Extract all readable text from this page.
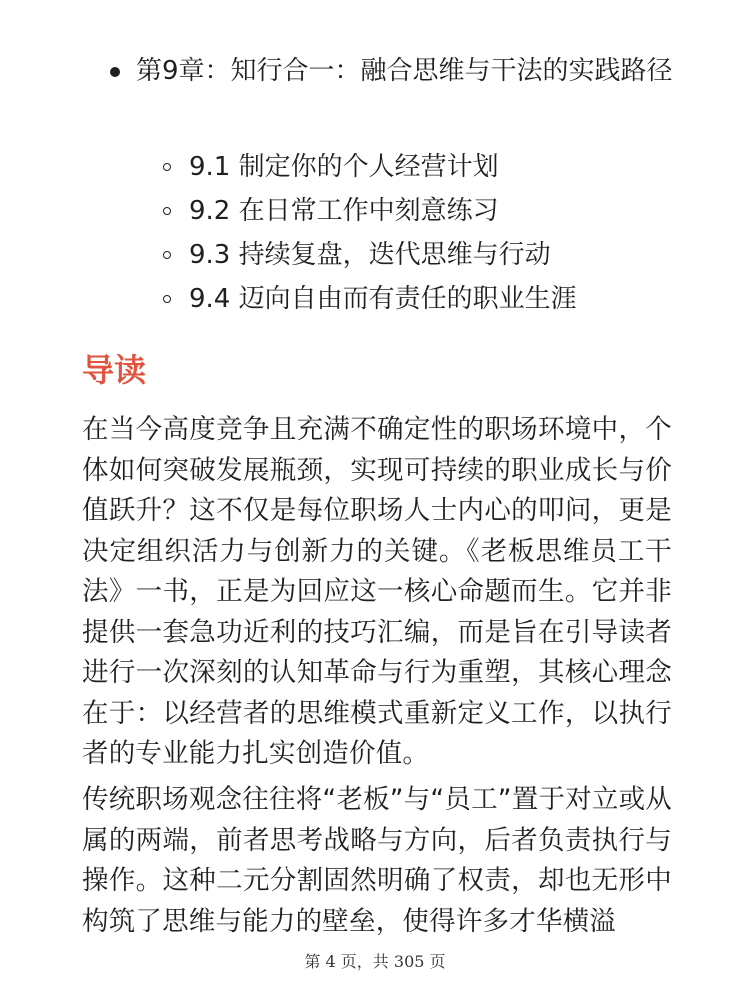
第9章：知行合一：融合思维与干法的实践路径
9.1 制定你的个人经营计划
9.2 在日常工作中刻意练习
9.3 持续复盘，迭代思维与行动
9.4 迈向自由而有责任的职业生涯
导读

在当今高度竞争且充满不确定性的职场环境中，个体如何突破发展瓶颈，实现可持续的职业成长与价值跃升？这不仅是每位职场人士内心的叩问，更是决定组织活力与创新力的关键。《老板思维员工干法》一书，正是为回应这一核心命题而生。它并非提供一套急功近利的技巧汇编，而是旨在引导读者进行一次深刻的认知革命与行为重塑，其核心理念在于：以经营者的思维模式重新定义工作，以执行者的专业能力扎实创造价值。

传统职场观念往往将“老板”与“员工”置于对立或从属的两端，前者思考战略与方向，后者负责执行与操作。这种二元分割固然明确了权责，却也无形中构筑了思维与能力的壁垒，使得许多才华横溢

第 4 页，共 305 页
